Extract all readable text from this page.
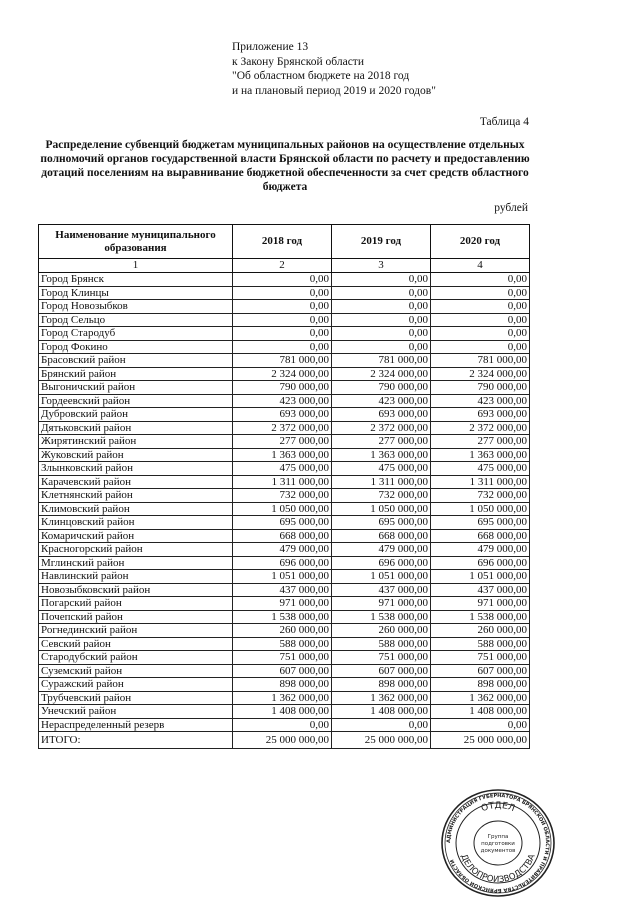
Приложение 13
к Закону Брянской области
"Об областном бюджете на 2018 год
и на плановый период 2019 и 2020 годов"
Таблица 4
Распределение субвенций бюджетам муниципальных районов на осуществление отдельных полномочий органов государственной власти Брянской области по расчету и предоставлению дотаций поселениям на выравнивание бюджетной обеспеченности за счет средств областного бюджета
рублей
Наименование муниципального образования	2018 год	2019 год	2020 год
1	2	3	4
Город Брянск	0,00	0,00	0,00
Город Клинцы	0,00	0,00	0,00
Город Новозыбков	0,00	0,00	0,00
Город Сельцо	0,00	0,00	0,00
Город Стародуб	0,00	0,00	0,00
Город Фокино	0,00	0,00	0,00
Брасовский район	781 000,00	781 000,00	781 000,00
Брянский район	2 324 000,00	2 324 000,00	2 324 000,00
Выгоничский район	790 000,00	790 000,00	790 000,00
Гордеевский район	423 000,00	423 000,00	423 000,00
Дубровский район	693 000,00	693 000,00	693 000,00
Дятьковский район	2 372 000,00	2 372 000,00	2 372 000,00
Жирятинский район	277 000,00	277 000,00	277 000,00
Жуковский район	1 363 000,00	1 363 000,00	1 363 000,00
Злынковский район	475 000,00	475 000,00	475 000,00
Карачевский район	1 311 000,00	1 311 000,00	1 311 000,00
Клетнянский район	732 000,00	732 000,00	732 000,00
Климовский район	1 050 000,00	1 050 000,00	1 050 000,00
Клинцовский район	695 000,00	695 000,00	695 000,00
Комаричский район	668 000,00	668 000,00	668 000,00
Красногорский район	479 000,00	479 000,00	479 000,00
Мглинский район	696 000,00	696 000,00	696 000,00
Навлинский район	1 051 000,00	1 051 000,00	1 051 000,00
Новозыбковский район	437 000,00	437 000,00	437 000,00
Погарский район	971 000,00	971 000,00	971 000,00
Почепский район	1 538 000,00	1 538 000,00	1 538 000,00
Рогнединский район	260 000,00	260 000,00	260 000,00
Севский район	588 000,00	588 000,00	588 000,00
Стародубский район	751 000,00	751 000,00	751 000,00
Суземский район	607 000,00	607 000,00	607 000,00
Суражский район	898 000,00	898 000,00	898 000,00
Трубчевский район	1 362 000,00	1 362 000,00	1 362 000,00
Унечский район	1 408 000,00	1 408 000,00	1 408 000,00
Нераспределенный резерв	0,00	0,00	0,00
ИТОГО:	25 000 000,00	25 000 000,00	25 000 000,00
АДМИНИСТРАЦИЯ ГУБЕРНАТОРА БРЯНСКОЙ ОБЛАСТИ И ПРАВИТЕЛЬСТВА БРЯНСКОЙ ОБЛАСТИ
ОТДЕЛ
ДЕЛОПРОИЗВОДСТВА
Группа
подготовки
документов
